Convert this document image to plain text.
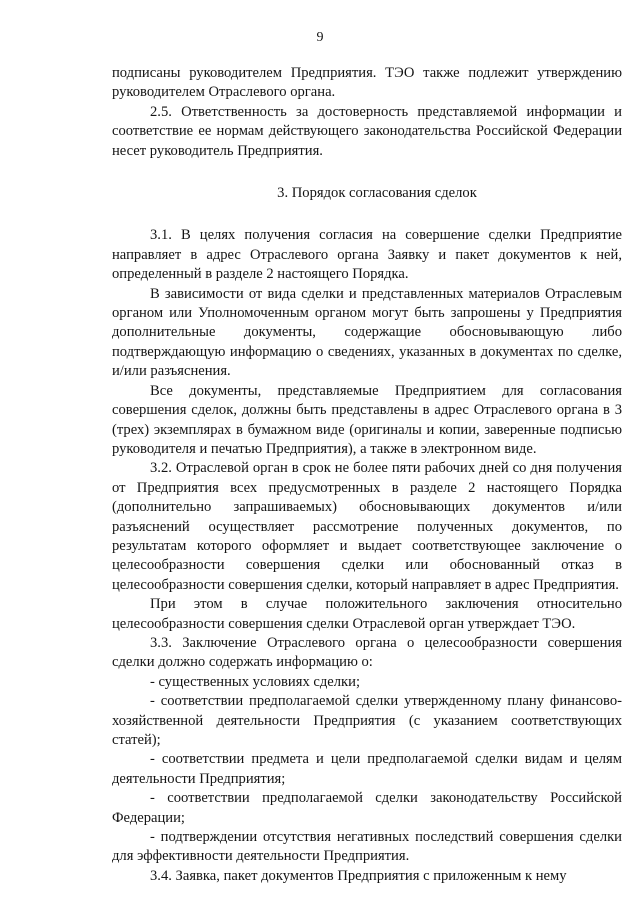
9

подписаны руководителем Предприятия. ТЭО также подлежит утверждению руководителем Отраслевого органа.

2.5. Ответственность за достоверность представляемой информации и соответствие ее нормам действующего законодательства Российской Федерации несет руководитель Предприятия.

3. Порядок согласования сделок

3.1. В целях получения согласия на совершение сделки Предприятие направляет в адрес Отраслевого органа Заявку и пакет документов к ней, определенный в разделе 2 настоящего Порядка.

В зависимости от вида сделки и представленных материалов Отраслевым органом или Уполномоченным органом могут быть запрошены у Предприятия дополнительные документы, содержащие обосновывающую либо подтверждающую информацию о сведениях, указанных в документах по сделке, и/или разъяснения.

Все документы, представляемые Предприятием для согласования совершения сделок, должны быть представлены в адрес Отраслевого органа в 3 (трех) экземплярах в бумажном виде (оригиналы и копии, заверенные подписью руководителя и печатью Предприятия), а также в электронном виде.

3.2. Отраслевой орган в срок не более пяти рабочих дней со дня получения от Предприятия всех предусмотренных в разделе 2 настоящего Порядка (дополнительно запрашиваемых) обосновывающих документов и/или разъяснений осуществляет рассмотрение полученных документов, по результатам которого оформляет и выдает соответствующее заключение о целесообразности совершения сделки или обоснованный отказ в целесообразности совершения сделки, который направляет в адрес Предприятия.

При этом в случае положительного заключения относительно целесообразности совершения сделки Отраслевой орган утверждает ТЭО.

3.3. Заключение Отраслевого органа о целесообразности совершения сделки должно содержать информацию о:

- существенных условиях сделки;

- соответствии предполагаемой сделки утвержденному плану финансово-хозяйственной деятельности Предприятия (с указанием соответствующих статей);

- соответствии предмета и цели предполагаемой сделки видам и целям деятельности Предприятия;

- соответствии предполагаемой сделки законодательству Российской Федерации;

- подтверждении отсутствия негативных последствий совершения сделки для эффективности деятельности Предприятия.

3.4. Заявка, пакет документов Предприятия с приложенным к нему
